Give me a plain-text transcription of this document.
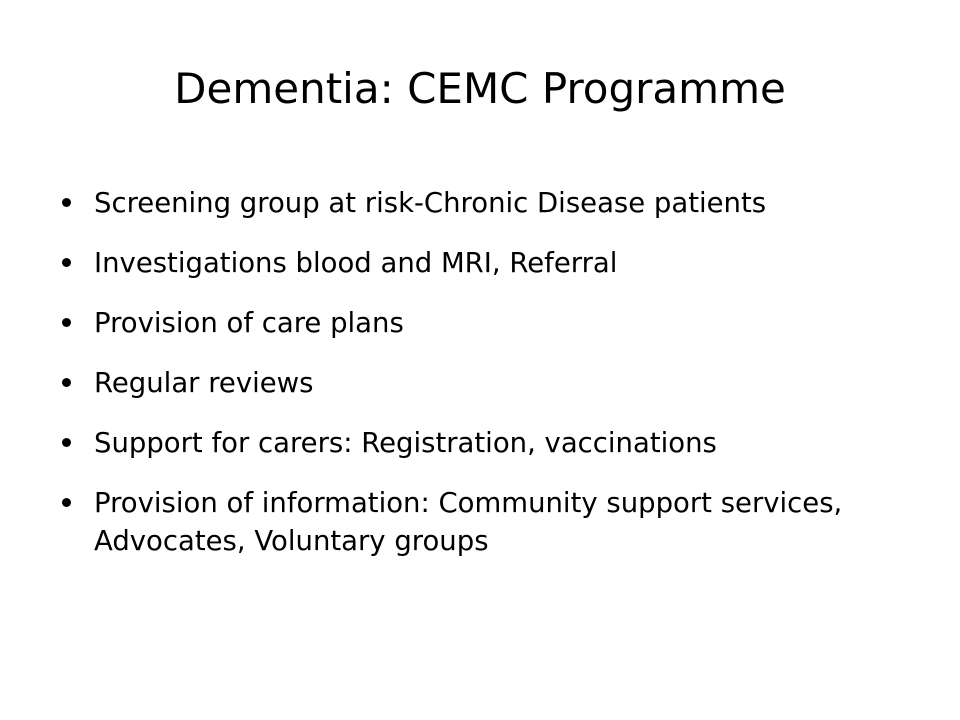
Dementia: CEMC Programme
Screening group at risk-Chronic Disease patients
Investigations blood and MRI, Referral
Provision of care plans
Regular reviews
Support for carers: Registration, vaccinations
Provision of information: Community support services, Advocates, Voluntary groups
